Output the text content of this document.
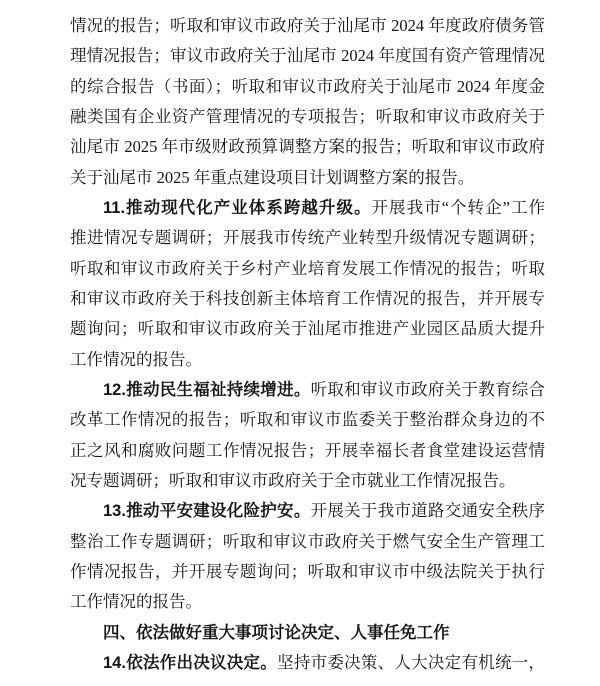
情况的报告；听取和审议市政府关于汕尾市 2024 年度政府债务管
理情况报告；审议市政府关于汕尾市 2024 年度国有资产管理情况
的综合报告（书面）；听取和审议市政府关于汕尾市 2024 年度金
融类国有企业资产管理情况的专项报告；听取和审议市政府关于
汕尾市 2025 年市级财政预算调整方案的报告；听取和审议市政府
关于汕尾市 2025 年重点建设项目计划调整方案的报告。
11.推动现代化产业体系跨越升级。开展我市“个转企”工作
推进情况专题调研；开展我市传统产业转型升级情况专题调研；
听取和审议市政府关于乡村产业培育发展工作情况的报告；听取
和审议市政府关于科技创新主体培育工作情况的报告，并开展专
题询问；听取和审议市政府关于汕尾市推进产业园区品质大提升
工作情况的报告。
12.推动民生福祉持续增进。听取和审议市政府关于教育综合
改革工作情况的报告；听取和审议市监委关于整治群众身边的不
正之风和腐败问题工作情况报告；开展幸福长者食堂建设运营情
况专题调研；听取和审议市政府关于全市就业工作情况报告。
13.推动平安建设化险护安。开展关于我市道路交通安全秩序
整治工作专题调研；听取和审议市政府关于燃气安全生产管理工
作情况报告，并开展专题询问；听取和审议市中级法院关于执行
工作情况的报告。
四、依法做好重大事项讨论决定、人事任免工作
14.依法作出决议决定。坚持市委决策、人大决定有机统一，
